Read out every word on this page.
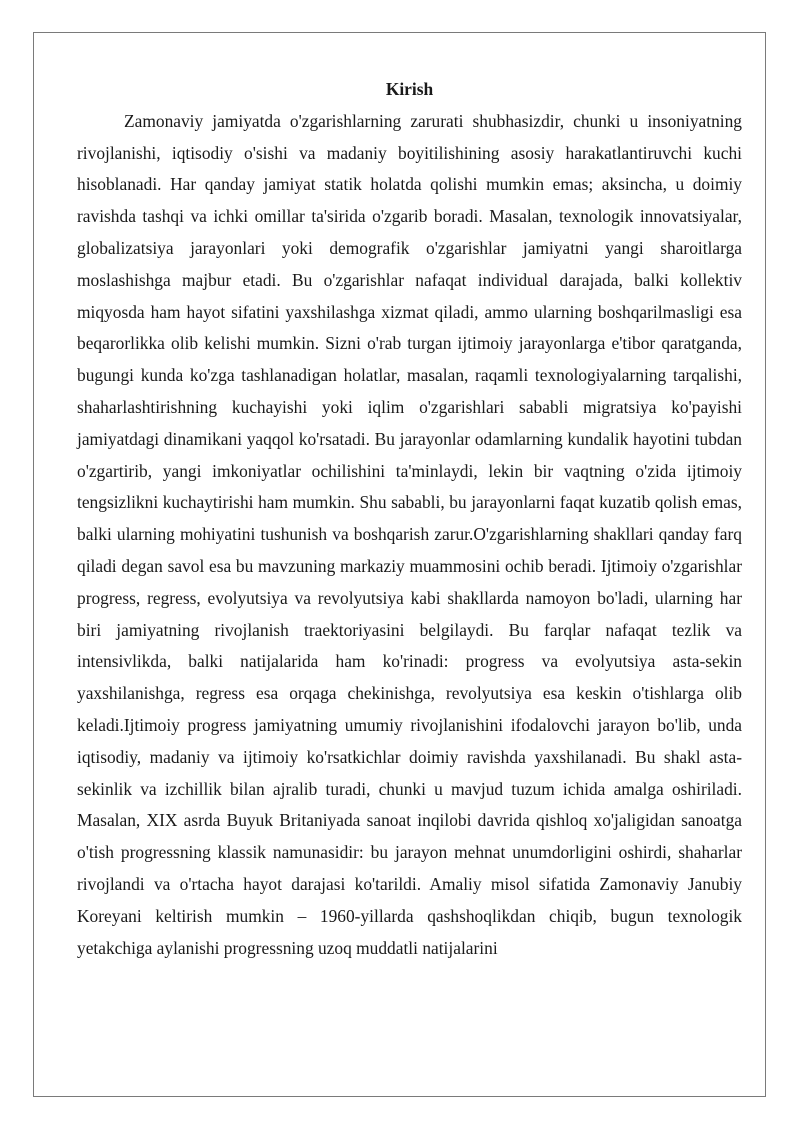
Kirish

Zamonaviy jamiyatda o'zgarishlarning zarurati shubhasizdir, chunki u insoniyatning rivojlanishi, iqtisodiy o'sishi va madaniy boyitilishining asosiy harakatlantiruvchi kuchi hisoblanadi. Har qanday jamiyat statik holatda qolishi mumkin emas; aksincha, u doimiy ravishda tashqi va ichki omillar ta'sirida o'zgarib boradi. Masalan, texnologik innovatsiyalar, globalizatsiya jarayonlari yoki demografik o'zgarishlar jamiyatni yangi sharoitlarga moslashishga majbur etadi. Bu o'zgarishlar nafaqat individual darajada, balki kollektiv miqyosda ham hayot sifatini yaxshilashga xizmat qiladi, ammo ularning boshqarilmasligi esa beqarorlikka olib kelishi mumkin. Sizni o'rab turgan ijtimoiy jarayonlarga e'tibor qaratganda, bugungi kunda ko'zga tashlanadigan holatlar, masalan, raqamli texnologiyalarning tarqalishi, shaharlashtirishning kuchayishi yoki iqlim o'zgarishlari sababli migratsiya ko'payishi jamiyatdagi dinamikani yaqqol ko'rsatadi. Bu jarayonlar odamlarning kundalik hayotini tubdan o'zgartirib, yangi imkoniyatlar ochilishini ta'minlaydi, lekin bir vaqtning o'zida ijtimoiy tengsizlikni kuchaytirishi ham mumkin. Shu sababli, bu jarayonlarni faqat kuzatib qolish emas, balki ularning mohiyatini tushunish va boshqarish zarur.O'zgarishlarning shakllari qanday farq qiladi degan savol esa bu mavzuning markaziy muammosini ochib beradi. Ijtimoiy o'zgarishlar progress, regress, evolyutsiya va revolyutsiya kabi shakllarda namoyon bo'ladi, ularning har biri jamiyatning rivojlanish traektoriyasini belgilaydi. Bu farqlar nafaqat tezlik va intensivlikda, balki natijalarida ham ko'rinadi: progress va evolyutsiya asta-sekin yaxshilanishga, regress esa orqaga chekinishga, revolyutsiya esa keskin o'tishlarga olib keladi.Ijtimoiy progress jamiyatning umumiy rivojlanishini ifodalovchi jarayon bo'lib, unda iqtisodiy, madaniy va ijtimoiy ko'rsatkichlar doimiy ravishda yaxshilanadi. Bu shakl asta-sekinlik va izchillik bilan ajralib turadi, chunki u mavjud tuzum ichida amalga oshiriladi. Masalan, XIX asrda Buyuk Britaniyada sanoat inqilobi davrida qishloq xo'jaligidan sanoatga o'tish progressning klassik namunasidir: bu jarayon mehnat unumdorligini oshirdi, shaharlar rivojlandi va o'rtacha hayot darajasi ko'tarildi. Amaliy misol sifatida Zamonaviy Janubiy Koreyani keltirish mumkin – 1960-yillarda qashshoqlikdan chiqib, bugun texnologik yetakchiga aylanishi progressning uzoq muddatli natijalarini
